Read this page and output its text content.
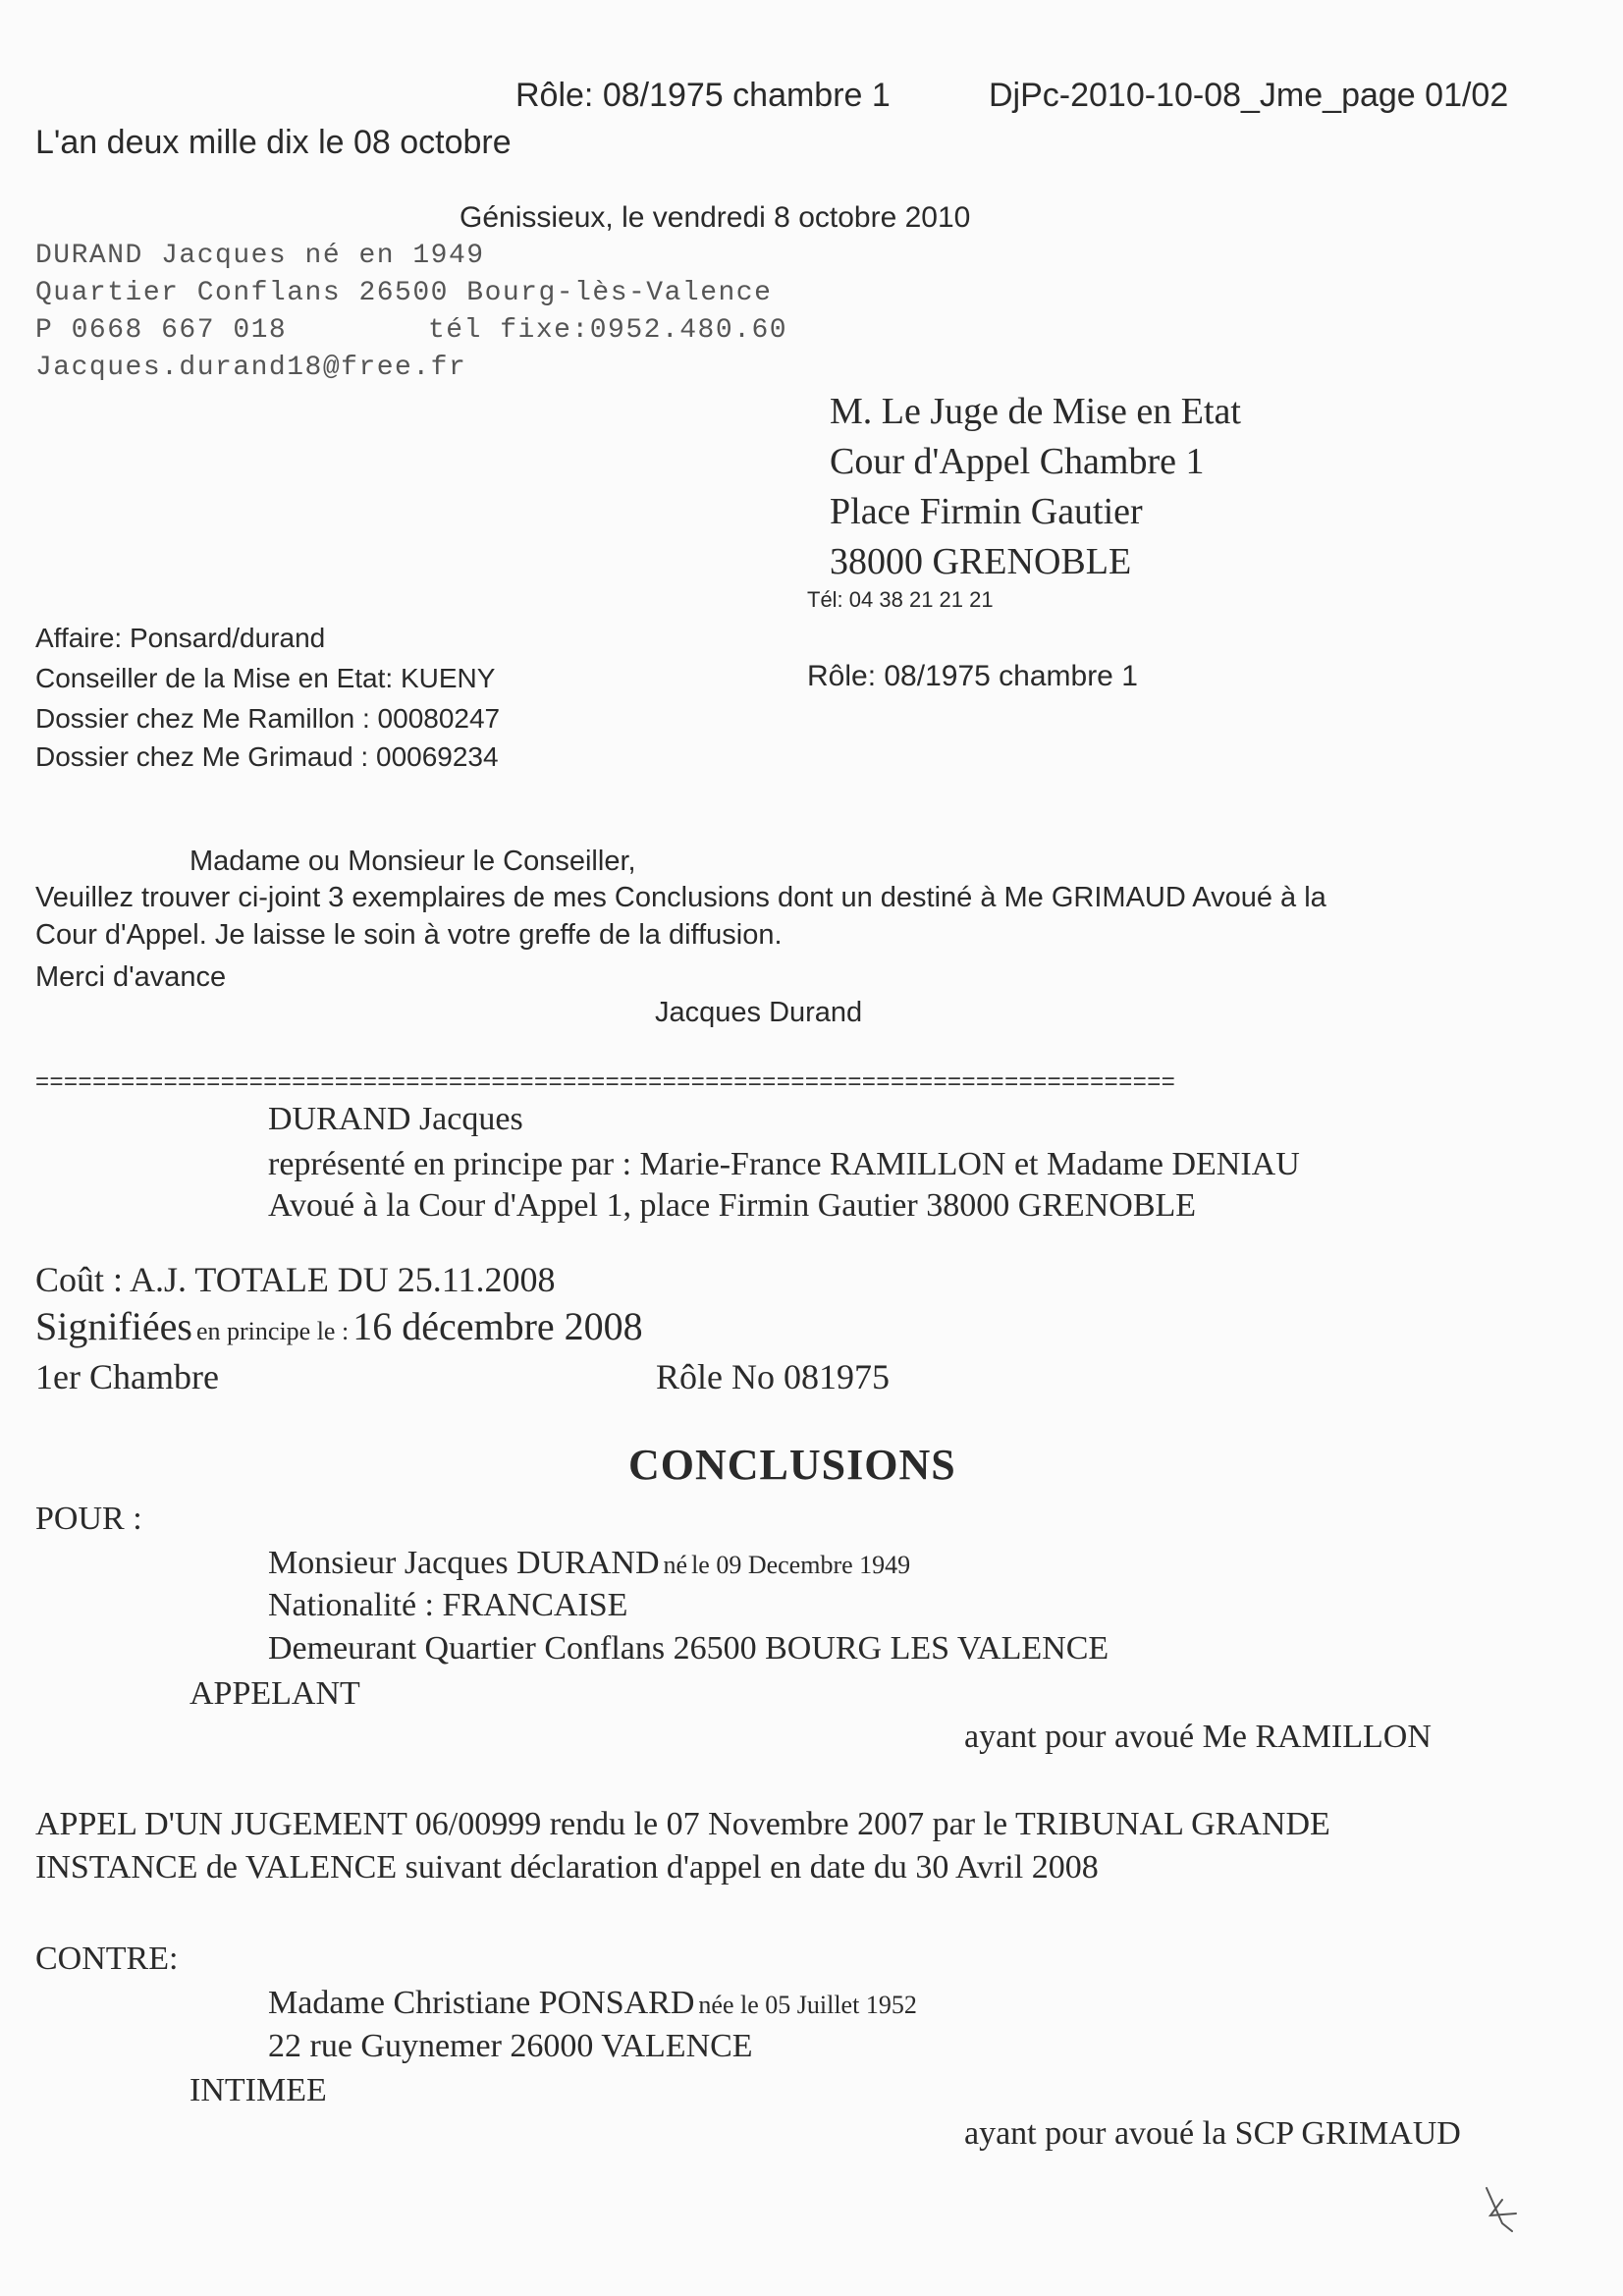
Rôle: 08/1975 chambre 1	DjPc-2010-10-08_Jme_page 01/02
L'an deux mille dix le 08 octobre
Génissieux, le vendredi 8 octobre 2010
DURAND Jacques né en 1949
Quartier Conflans 26500 Bourg-lès-Valence
P 0668 667 018	tél fixe:0952.480.60
Jacques.durand18@free.fr
M. Le Juge de Mise en Etat
Cour d'Appel Chambre 1
Place Firmin Gautier
38000 GRENOBLE
Tél: 04 38 21 21 21
Affaire: Ponsard/durand
Conseiller de la Mise en Etat: KUENY	Rôle: 08/1975 chambre 1
Dossier chez Me Ramillon : 00080247
Dossier chez Me Grimaud : 00069234
Madame ou Monsieur le Conseiller,
Veuillez trouver ci-joint 3 exemplaires de mes Conclusions dont un destiné à Me GRIMAUD Avoué à la
Cour d'Appel. Je laisse le soin à votre greffe de la diffusion.
Merci d'avance
Jacques Durand
================================================================================
DURAND Jacques
représenté en principe par : Marie-France RAMILLON et Madame DENIAU
Avoué à la Cour d'Appel 1, place Firmin Gautier 38000 GRENOBLE
Coût : A.J. TOTALE DU 25.11.2008
Signifiées en principe le : 16 décembre 2008
1er Chambre	Rôle No 081975
CONCLUSIONS
POUR :
Monsieur Jacques DURAND né le 09 Decembre 1949
Nationalité : FRANCAISE
Demeurant Quartier Conflans 26500 BOURG LES VALENCE
APPELANT
ayant pour avoué Me RAMILLON
APPEL D'UN JUGEMENT 06/00999 rendu le 07 Novembre 2007 par le TRIBUNAL GRANDE
INSTANCE de VALENCE suivant déclaration d'appel en date du 30 Avril 2008
CONTRE:
Madame Christiane PONSARD née le 05 Juillet 1952
22 rue Guynemer 26000 VALENCE
INTIMEE
ayant pour avoué la SCP GRIMAUD
